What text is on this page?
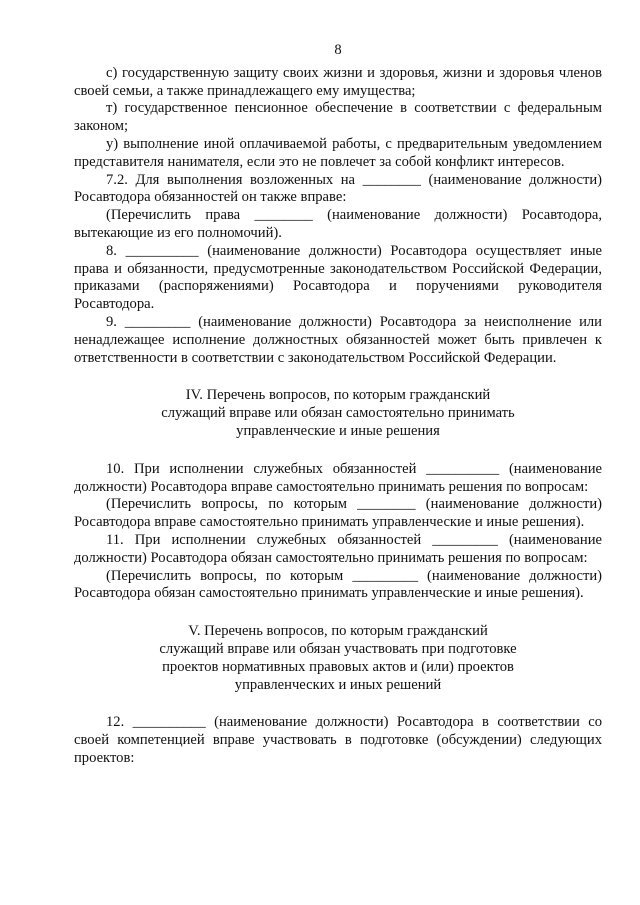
8

с) государственную защиту своих жизни и здоровья, жизни и здоровья членов своей семьи, а также принадлежащего ему имущества;

т) государственное пенсионное обеспечение в соответствии с федеральным законом;

у) выполнение иной оплачиваемой работы, с предварительным уведомлением представителя нанимателя, если это не повлечет за собой конфликт интересов.

7.2. Для выполнения возложенных на ________ (наименование должности) Росавтодора обязанностей он также вправе:

(Перечислить права ________ (наименование должности) Росавтодора, вытекающие из его полномочий).

8. __________ (наименование должности) Росавтодора осуществляет иные права и обязанности, предусмотренные законодательством Российской Федерации, приказами (распоряжениями) Росавтодора и поручениями руководителя Росавтодора.

9. _________ (наименование должности) Росавтодора за неисполнение или ненадлежащее исполнение должностных обязанностей может быть привлечен к ответственности в соответствии с законодательством Российской Федерации.

IV. Перечень вопросов, по которым гражданский

служащий вправе или обязан самостоятельно принимать

управленческие и иные решения

10. При исполнении служебных обязанностей __________ (наименование должности) Росавтодора вправе самостоятельно принимать решения по вопросам:

(Перечислить вопросы, по которым ________ (наименование должности) Росавтодора вправе самостоятельно принимать управленческие и иные решения).

11. При исполнении служебных обязанностей _________ (наименование должности) Росавтодора обязан самостоятельно принимать решения по вопросам:

(Перечислить вопросы, по которым _________ (наименование должности) Росавтодора обязан самостоятельно принимать управленческие и иные решения).

V. Перечень вопросов, по которым гражданский

служащий вправе или обязан участвовать при подготовке

проектов нормативных правовых актов и (или) проектов

управленческих и иных решений

12. __________ (наименование должности) Росавтодора в соответствии со своей компетенцией вправе участвовать в подготовке (обсуждении) следующих проектов:
